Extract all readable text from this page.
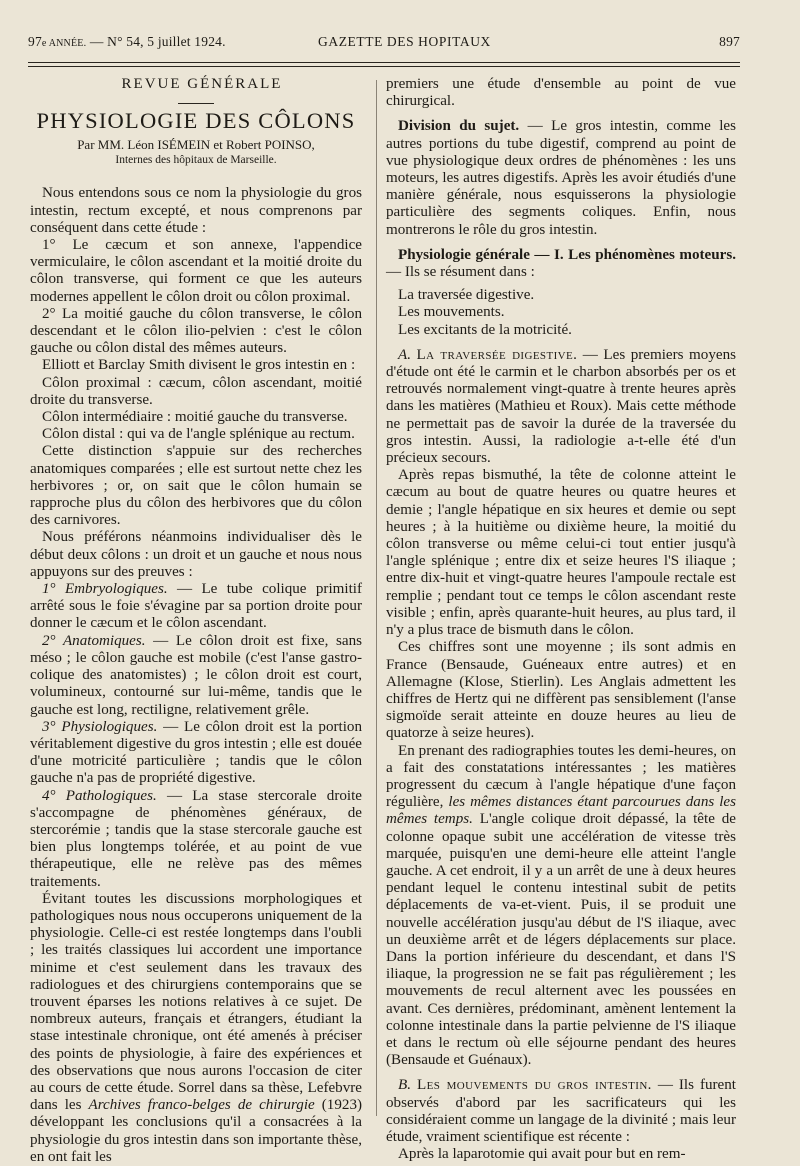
97e ANNÉE. — N° 54, 5 juillet 1924.	GAZETTE DES HOPITAUX	897

REVUE GÉNÉRALE

PHYSIOLOGIE DES CÔLONS
Par MM. Léon ISÉMEIN et Robert POINSO,
Internes des hôpitaux de Marseille.

Nous entendons sous ce nom la physiologie du gros intestin, rectum excepté, et nous comprenons par conséquent dans cette étude :

1° Le cæcum et son annexe, l'appendice vermiculaire, le côlon ascendant et la moitié droite du côlon transverse, qui forment ce que les auteurs modernes appellent le côlon droit ou côlon proximal.

2° La moitié gauche du côlon transverse, le côlon descendant et le côlon ilio-pelvien : c'est le côlon gauche ou côlon distal des mêmes auteurs.

Elliott et Barclay Smith divisent le gros intestin en :

Côlon proximal : cæcum, côlon ascendant, moitié droite du transverse.

Côlon intermédiaire : moitié gauche du transverse.

Côlon distal : qui va de l'angle splénique au rectum.

Cette distinction s'appuie sur des recherches anatomiques comparées ; elle est surtout nette chez les herbivores ; or, on sait que le côlon humain se rapproche plus du côlon des herbivores que du côlon des carnivores.

Nous préférons néanmoins individualiser dès le début deux côlons : un droit et un gauche et nous nous appuyons sur des preuves :

1° Embryologiques. — Le tube colique primitif arrêté sous le foie s'évagine par sa portion droite pour donner le cæcum et le côlon ascendant.

2° Anatomiques. — Le côlon droit est fixe, sans méso ; le côlon gauche est mobile (c'est l'anse gastro-colique des anatomistes) ; le côlon droit est court, volumineux, contourné sur lui-même, tandis que le gauche est long, rectiligne, relativement grêle.

3° Physiologiques. — Le côlon droit est la portion véritablement digestive du gros intestin ; elle est douée d'une motricité particulière ; tandis que le côlon gauche n'a pas de propriété digestive.

4° Pathologiques. — La stase stercorale droite s'accompagne de phénomènes généraux, de stercorémie ; tandis que la stase stercorale gauche est bien plus longtemps tolérée, et au point de vue thérapeutique, elle ne relève pas des mêmes traitements.

Évitant toutes les discussions morphologiques et pathologiques nous nous occuperons uniquement de la physiologie. Celle-ci est restée longtemps dans l'oubli ; les traités classiques lui accordent une importance minime et c'est seulement dans les travaux des radiologues et des chirurgiens contemporains que se trouvent éparses les notions relatives à ce sujet. De nombreux auteurs, français et étrangers, étudiant la stase intestinale chronique, ont été amenés à préciser des points de physiologie, à faire des expériences et des observations que nous aurons l'occasion de citer au cours de cette étude. Sorrel dans sa thèse, Lefebvre dans les Archives franco-belges de chirurgie (1923) développant les conclusions qu'il a consacrées à la physiologie du gros intestin dans son importante thèse, en ont fait les

premiers une étude d'ensemble au point de vue chirurgical.

Division du sujet. — Le gros intestin, comme les autres portions du tube digestif, comprend au point de vue physiologique deux ordres de phénomènes : les uns moteurs, les autres digestifs. Après les avoir étudiés d'une manière générale, nous esquisserons la physiologie particulière des segments coliques. Enfin, nous montrerons le rôle du gros intestin.

Physiologie générale — I. Les phénomènes moteurs. — Ils se résument dans :

La traversée digestive.
Les mouvements.
Les excitants de la motricité.

A. La traversée digestive. — Les premiers moyens d'étude ont été le carmin et le charbon absorbés per os et retrouvés normalement vingt-quatre à trente heures après dans les matières (Mathieu et Roux). Mais cette méthode ne permettait pas de savoir la durée de la traversée du gros intestin. Aussi, la radiologie a-t-elle été d'un précieux secours.

Après repas bismuthé, la tête de colonne atteint le cæcum au bout de quatre heures ou quatre heures et demie ; l'angle hépatique en six heures et demie ou sept heures ; à la huitième ou dixième heure, la moitié du côlon transverse ou même celui-ci tout entier jusqu'à l'angle splénique ; entre dix et seize heures l'S iliaque ; entre dix-huit et vingt-quatre heures l'ampoule rectale est remplie ; pendant tout ce temps le côlon ascendant reste visible ; enfin, après quarante-huit heures, au plus tard, il n'y a plus trace de bismuth dans le côlon.

Ces chiffres sont une moyenne ; ils sont admis en France (Bensaude, Guéneaux entre autres) et en Allemagne (Klose, Stierlin). Les Anglais admettent les chiffres de Hertz qui ne diffèrent pas sensiblement (l'anse sigmoïde serait atteinte en douze heures au lieu de quatorze à seize heures).

En prenant des radiographies toutes les demi-heures, on a fait des constatations intéressantes ; les matières progressent du cæcum à l'angle hépatique d'une façon régulière, les mêmes distances étant parcourues dans les mêmes temps. L'angle colique droit dépassé, la tête de colonne opaque subit une accélération de vitesse très marquée, puisqu'en une demi-heure elle atteint l'angle gauche. A cet endroit, il y a un arrêt de une à deux heures pendant lequel le contenu intestinal subit de petits déplacements de va-et-vient. Puis, il se produit une nouvelle accélération jusqu'au début de l'S iliaque, avec un deuxième arrêt et de légers déplacements sur place. Dans la portion inférieure du descendant, et dans l'S iliaque, la progression ne se fait pas régulièrement ; les mouvements de recul alternent avec les poussées en avant. Ces dernières, prédominant, amènent lentement la colonne intestinale dans la partie pelvienne de l'S iliaque et dans le rectum où elle séjourne pendant des heures (Bensaude et Guénaux).

B. Les mouvements du gros intestin. — Ils furent observés d'abord par les sacrificateurs qui les considéraient comme un langage de la divinité ; mais leur étude, vraiment scientifique est récente :

Après la laparotomie qui avait pour but en rem-
